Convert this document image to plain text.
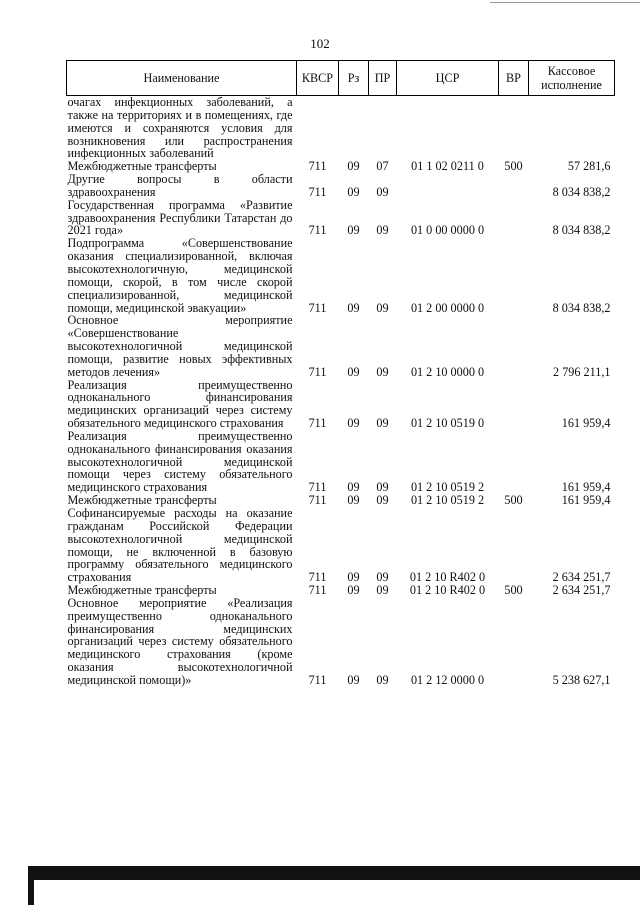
102
Наименование	КВСР	Рз	ПР	ЦСР	ВР	Кассовое исполнение
очагах инфекционных заболеваний, а также на территориях и в помещениях, где имеются и сохраняются условия для возникновения или распространения инфекционных заболеваний						
Межбюджетные трансферты	711	09	07	01 1 02 0211 0	500	57 281,6
Другие вопросы в области здравоохранения	711	09	09			8 034 838,2
Государственная программа «Развитие здравоохранения Республики Татарстан до 2021 года»	711	09	09	01 0 00 0000 0		8 034 838,2
Подпрограмма «Совершенствование оказания специализированной, включая высокотехнологичную, медицинской помощи, скорой, в том числе скорой специализированной, медицинской помощи, медицинской эвакуации»	711	09	09	01 2 00 0000 0		8 034 838,2
Основное мероприятие «Совершенствование высокотехнологичной медицинской помощи, развитие новых эффективных методов лечения»	711	09	09	01 2 10 0000 0		2 796 211,1
Реализация преимущественно одноканального финансирования медицинских организаций через систему обязательного медицинского страхования	711	09	09	01 2 10 0519 0		161 959,4
Реализация преимущественно одноканального финансирования оказания высокотехнологичной медицинской помощи через систему обязательного медицинского страхования	711	09	09	01 2 10 0519 2		161 959,4
Межбюджетные трансферты	711	09	09	01 2 10 0519 2	500	161 959,4
Софинансируемые расходы на оказание гражданам Российской Федерации высокотехнологичной медицинской помощи, не включенной в базовую программу обязательного медицинского страхования	711	09	09	01 2 10 R402 0		2 634 251,7
Межбюджетные трансферты	711	09	09	01 2 10 R402 0	500	2 634 251,7
Основное мероприятие «Реализация преимущественно одноканального финансирования медицинских организаций через систему обязательного медицинского страхования (кроме оказания высокотехнологичной медицинской помощи)»	711	09	09	01 2 12 0000 0		5 238 627,1
